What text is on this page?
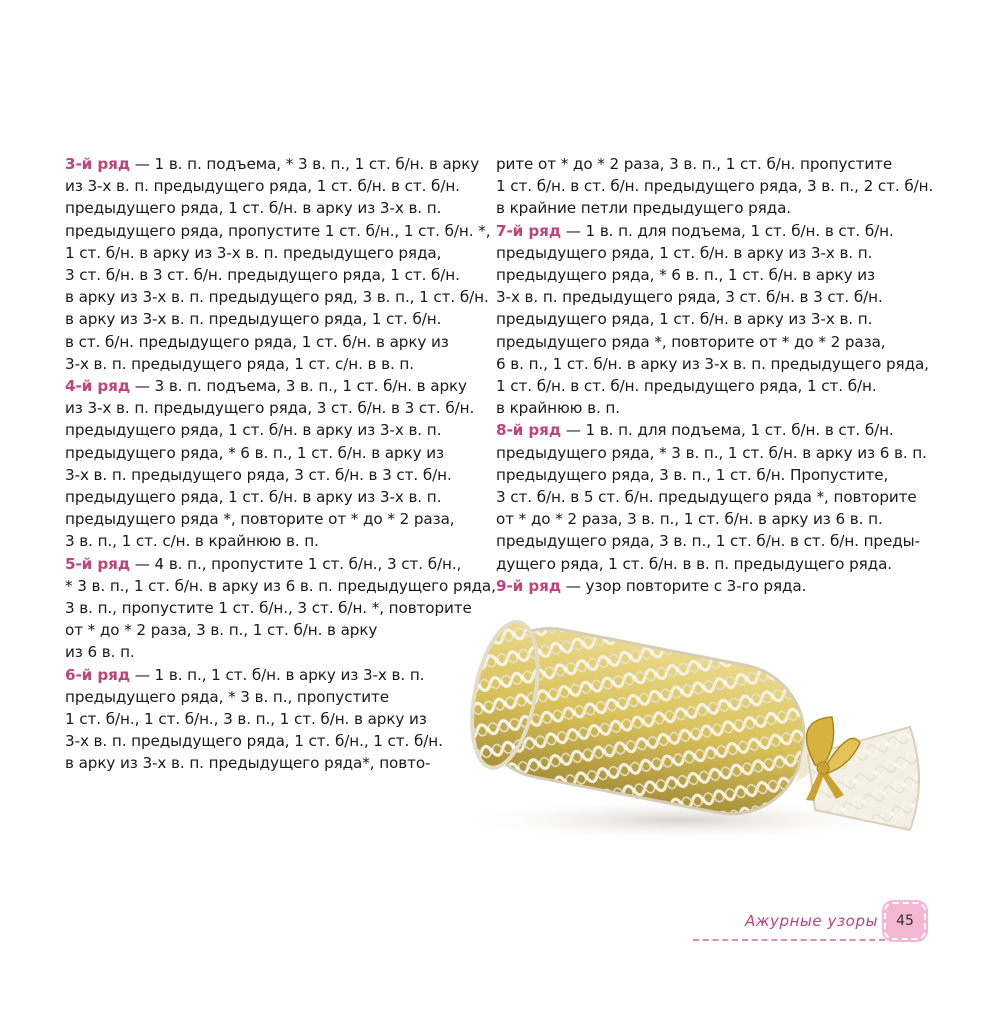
3-й ряд — 1 в. п. подъема, * 3 в. п., 1 ст. б/н. в арку
из 3-х в. п. предыдущего ряда, 1 ст. б/н. в ст. б/н.
предыдущего ряда, 1 ст. б/н. в арку из 3-х в. п.
предыдущего ряда, пропустите 1 ст. б/н., 1 ст. б/н. *,
1 ст. б/н. в арку из 3-х в. п. предыдущего ряда,
3 ст. б/н. в 3 ст. б/н. предыдущего ряда, 1 ст. б/н.
в арку из 3-х в. п. предыдущего ряд, 3 в. п., 1 ст. б/н.
в арку из 3-х в. п. предыдущего ряда, 1 ст. б/н.
в ст. б/н. предыдущего ряда, 1 ст. б/н. в арку из
3-х в. п. предыдущего ряда, 1 ст. с/н. в в. п.
4-й ряд — 3 в. п. подъема, 3 в. п., 1 ст. б/н. в арку
из 3-х в. п. предыдущего ряда, 3 ст. б/н. в 3 ст. б/н.
предыдущего ряда, 1 ст. б/н. в арку из 3-х в. п.
предыдущего ряда, * 6 в. п., 1 ст. б/н. в арку из
3-х в. п. предыдущего ряда, 3 ст. б/н. в 3 ст. б/н.
предыдущего ряда, 1 ст. б/н. в арку из 3-х в. п.
предыдущего ряда *, повторите от * до * 2 раза,
3 в. п., 1 ст. с/н. в крайнюю в. п.
5-й ряд — 4 в. п., пропустите 1 ст. б/н., 3 ст. б/н.,
* 3 в. п., 1 ст. б/н. в арку из 6 в. п. предыдущего ряда,
3 в. п., пропустите 1 ст. б/н., 3 ст. б/н. *, повторите
от * до * 2 раза, 3 в. п., 1 ст. б/н. в арку
из 6 в. п.
6-й ряд — 1 в. п., 1 ст. б/н. в арку из 3-х в. п.
предыдущего ряда, * 3 в. п., пропустите
1 ст. б/н., 1 ст. б/н., 3 в. п., 1 ст. б/н. в арку из
3-х в. п. предыдущего ряда, 1 ст. б/н., 1 ст. б/н.
в арку из 3-х в. п. предыдущего ряда*, повто-
рите от * до * 2 раза, 3 в. п., 1 ст. б/н. пропустите
1 ст. б/н. в ст. б/н. предыдущего ряда, 3 в. п., 2 ст. б/н.
в крайние петли предыдущего ряда.
7-й ряд — 1 в. п. для подъема, 1 ст. б/н. в ст. б/н.
предыдущего ряда, 1 ст. б/н. в арку из 3-х в. п.
предыдущего ряда, * 6 в. п., 1 ст. б/н. в арку из
3-х в. п. предыдущего ряда, 3 ст. б/н. в 3 ст. б/н.
предыдущего ряда, 1 ст. б/н. в арку из 3-х в. п.
предыдущего ряда *, повторите от * до * 2 раза,
6 в. п., 1 ст. б/н. в арку из 3-х в. п. предыдущего ряда,
1 ст. б/н. в ст. б/н. предыдущего ряда, 1 ст. б/н.
в крайнюю в. п.
8-й ряд — 1 в. п. для подъема, 1 ст. б/н. в ст. б/н.
предыдущего ряда, * 3 в. п., 1 ст. б/н. в арку из 6 в. п.
предыдущего ряда, 3 в. п., 1 ст. б/н. Пропустите,
3 ст. б/н. в 5 ст. б/н. предыдущего ряда *, повторите
от * до * 2 раза, 3 в. п., 1 ст. б/н. в арку из 6 в. п.
предыдущего ряда, 3 в. п., 1 ст. б/н. в ст. б/н. преды-
дущего ряда, 1 ст. б/н. в в. п. предыдущего ряда.
9-й ряд — узор повторите с 3-го ряда.
Ажурные узоры	45
